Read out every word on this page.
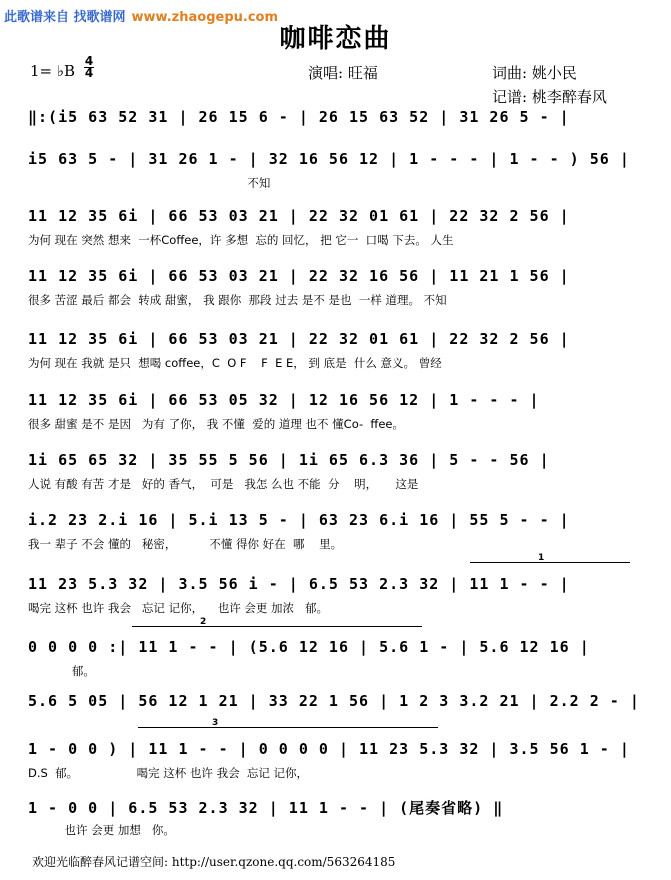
此歌谱来自 找歌谱网 www.zhaogepu.com
咖啡恋曲
1= ♭B
4
4	演唱: 旺福	词曲: 姚小民
记谱: 桃李醉春风
‖:(i5 63 52 31 | 26 15 6 - | 26 15 63 52 | 31 26 5 - |
i5 63 5 - | 31 26 1 - | 32 16 56 12 | 1 - - - | 1 - - ) 56 |
不知
11 12 35 6i | 66 53 03 21 | 22 32 01 61 | 22 32 2 56 |
为何 现在 突然 想来  一杯Coffee，许 多想  忘的 回忆， 把 它一  口喝 下去。 人生
11 12 35 6i | 66 53 03 21 | 22 32 16 56 | 11 21 1 56 |
很多 苦涩 最后 都会  转成 甜蜜， 我 跟你  那段 过去 是不 是也  一样 道理。 不知
11 12 35 6i | 66 53 03 21 | 22 32 01 61 | 22 32 2 56 |
为何 现在 我就 是只  想喝 coffee，C  O F    F  E E， 到 底是  什么 意义。 曾经
11 12 35 6i | 66 53 05 32 | 12 16 56 12 | 1 - - - |
很多 甜蜜 是不 是因   为有 了你， 我 不懂  爱的 道理 也不 懂Co-  ffee。
1i 65 65 32 | 35 55 5 56 | 1i 65 6.3 36 | 5 - - 56 |
人说 有酸 有苦 才是   好的 香气，  可是   我怎 么也 不能  分    明，     这是
i.2 23 2.i 16 | 5.i 13 5 - | 63 23 6.i 16 | 55 5 - - |
我一 辈子 不会 懂的   秘密，         不懂 得你 好在  哪    里。
11 23 5.3 32 | 3.5 56 i - | 6.5 53 2.3 32 | 11 1 - - |
喝完 这杯 也许 我会   忘记 记你，    也许 会更 加浓   郁。
0 0 0 0 :| 11 1 - - | (5.6 12 16 | 5.6 1 - | 5.6 12 16 |
郁。
5.6 5 05 | 56 12 1 21 | 33 22 1 56 | 1 2 3 3.2 21 | 2.2 2 - |
1 - 0 0 ) | 11 1 - - | 0 0 0 0 | 11 23 5.3 32 | 3.5 56 1 - |
D.S  郁。                喝完 这杯 也许 我会  忘记 记你，
1 - 0 0 | 6.5 53 2.3 32 | 11 1 - - | (尾奏省略) ‖
也许 会更 加想   你。
1
2
3
欢迎光临醉春风记谱空间: http://user.qzone.qq.com/563264185
